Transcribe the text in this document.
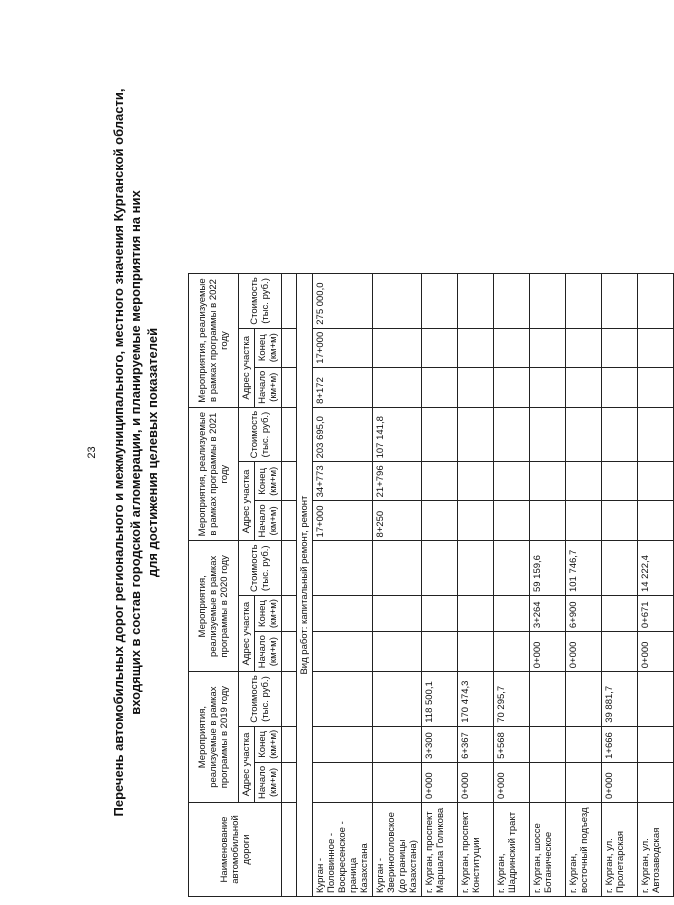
23 Перечень автомобильных дорог регионального и межмуниципального, местного значения Курганской области, входящих в состав городской агломерации, и планируемые мероприятия на них для достижения целевых показателей
Наименование автомобильной дороги	Мероприятия, реализуемые в рамках программы в 2019 году			Мероприятия, реализуемые в рамках программы в 2020 году			Мероприятия, реализуемые в рамках программы в 2021 году			Мероприятия, реализуемые в рамках программы в 2022 году		
	Адрес участка		Стоимость (тыс. руб.)	Адрес участка		Стоимость (тыс. руб.)	Адрес участка		Стоимость (тыс. руб.)	Адрес участка		Стоимость (тыс. руб.)
	Начало (км+м)	Конец (км+м)		Начало (км+м)	Конец (км+м)		Начало (км+м)	Конец (км+м)		Начало (км+м)	Конец (км+м)	

Вид работ: капитальный ремонт, ремонт												
Курган - Половинное - Воскресенское - граница Казахстана							17+000	34+773	203 695,0	8+172	17+000	275 000,0
Курган - Звериноголовское (до границы Казахстана)							8+250	21+796	107 141,8			
г. Курган, проспект Маршала Голикова	0+000	3+300	118 500,1									
г. Курган, проспект Конституции	0+000	6+367	170 474,3									
г. Курган, Шадринский тракт	0+000	5+568	70 295,7									
г. Курган, шоссе Ботаническое				0+000	3+264	59 159,6						
г. Курган, восточный подъезд				0+000	6+900	101 746,7						
г. Курган, ул. Пролетарская	0+000	1+666	39 881,7									
г. Курган, ул. Автозаводская				0+000	0+671	14 222,4						
